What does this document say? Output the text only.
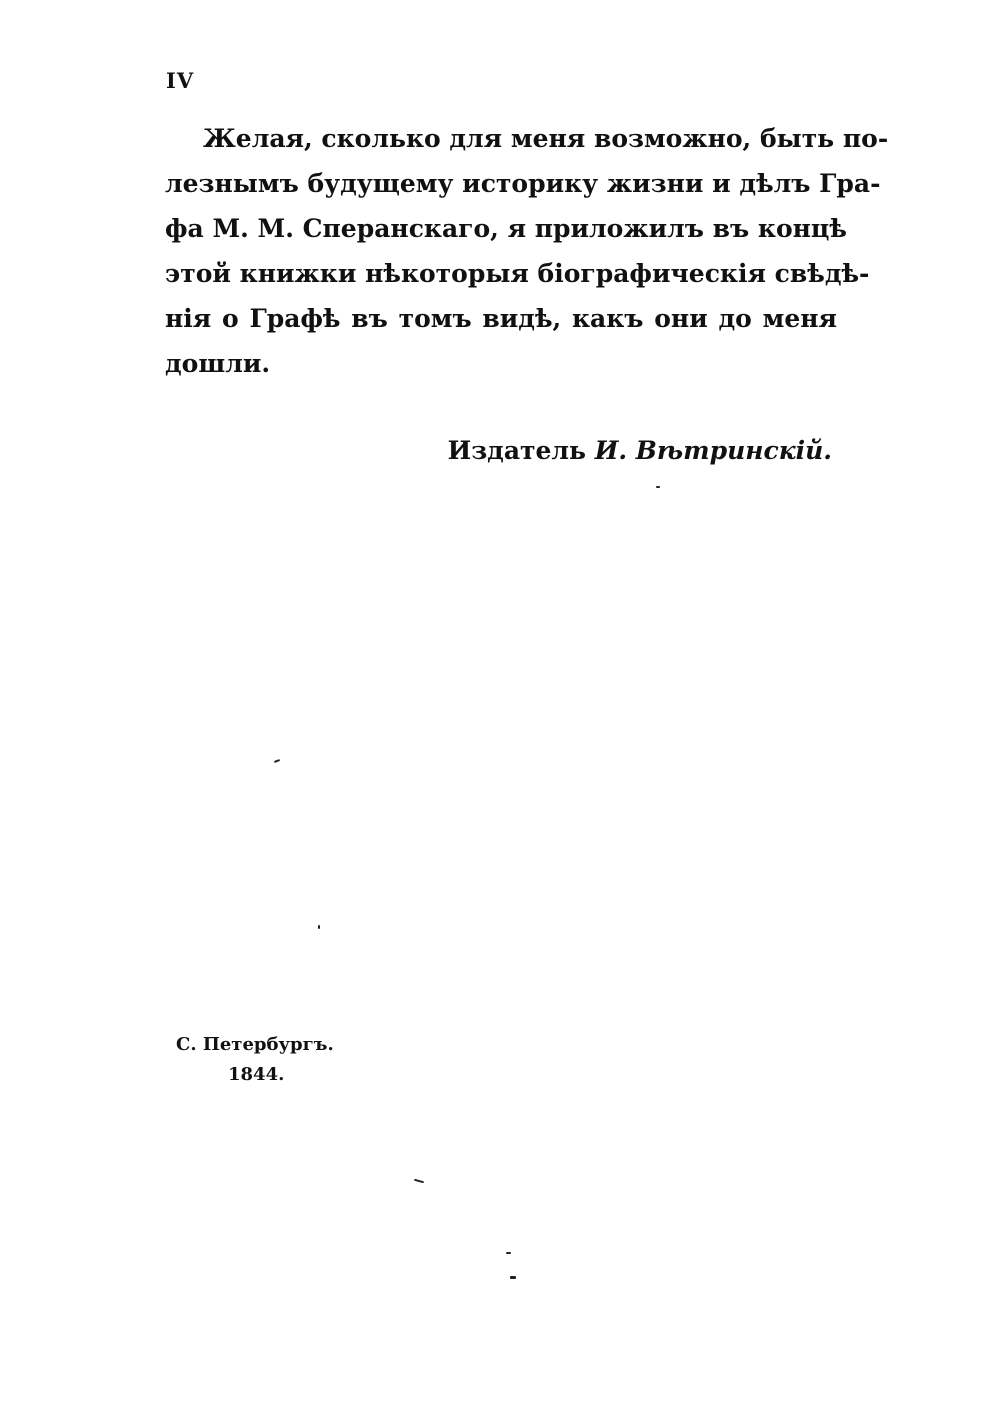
IV
Желая, сколько для меня возможно, быть по-
лезнымъ будущему историку жизни и дѣлъ Гра-
фа М. М. Сперанскаго, я приложилъ въ концѣ
этой книжки нѣкоторыя біографическія свѣдѣ-
нія о Графѣ въ томъ видѣ, какъ они до меня
дошли.
Издатель И. Вѣтринскій.
С. Петербургъ.
1844.
